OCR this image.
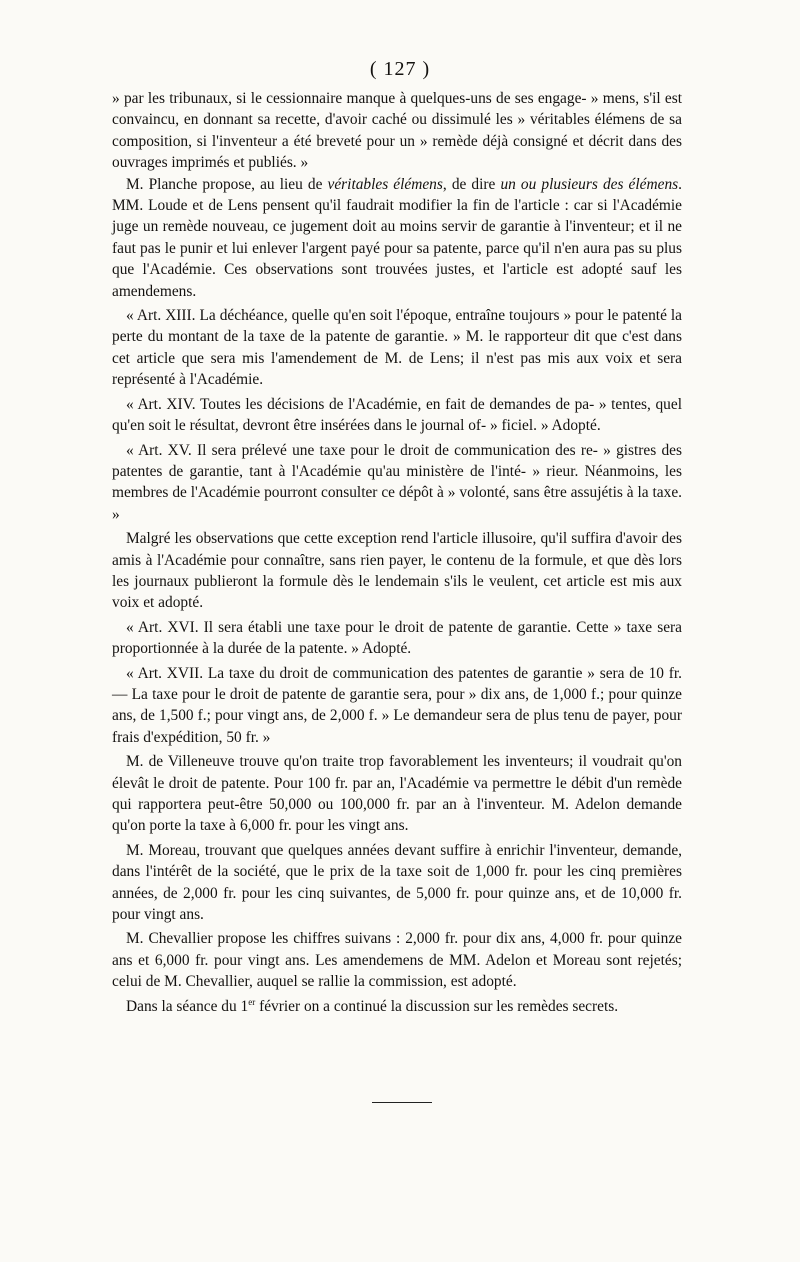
( 127 )

» par les tribunaux, si le cessionnaire manque à quelques-uns de ses engage- » mens, s'il est convaincu, en donnant sa recette, d'avoir caché ou dissimulé les » véritables élémens de sa composition, si l'inventeur a été breveté pour un » remède déjà consigné et décrit dans des ouvrages imprimés et publiés. »

M. Planche propose, au lieu de véritables élémens, de dire un ou plusieurs des élémens. MM. Loude et de Lens pensent qu'il faudrait modifier la fin de l'article : car si l'Académie juge un remède nouveau, ce jugement doit au moins servir de garantie à l'inventeur; et il ne faut pas le punir et lui enlever l'argent payé pour sa patente, parce qu'il n'en aura pas su plus que l'Académie. Ces observations sont trouvées justes, et l'article est adopté sauf les amendemens.

« Art. XIII. La déchéance, quelle qu'en soit l'époque, entraîne toujours » pour le patenté la perte du montant de la taxe de la patente de garantie. » M. le rapporteur dit que c'est dans cet article que sera mis l'amendement de M. de Lens; il n'est pas mis aux voix et sera représenté à l'Académie.

« Art. XIV. Toutes les décisions de l'Académie, en fait de demandes de pa- » tentes, quel qu'en soit le résultat, devront être insérées dans le journal of- » ficiel. » Adopté.

« Art. XV. Il sera prélevé une taxe pour le droit de communication des re- » gistres des patentes de garantie, tant à l'Académie qu'au ministère de l'inté- » rieur. Néanmoins, les membres de l'Académie pourront consulter ce dépôt à » volonté, sans être assujétis à la taxe. »

Malgré les observations que cette exception rend l'article illusoire, qu'il suffira d'avoir des amis à l'Académie pour connaître, sans rien payer, le contenu de la formule, et que dès lors les journaux publieront la formule dès le lendemain s'ils le veulent, cet article est mis aux voix et adopté.

« Art. XVI. Il sera établi une taxe pour le droit de patente de garantie. Cette » taxe sera proportionnée à la durée de la patente. » Adopté.

« Art. XVII. La taxe du droit de communication des patentes de garantie » sera de 10 fr. — La taxe pour le droit de patente de garantie sera, pour » dix ans, de 1,000 f.; pour quinze ans, de 1,500 f.; pour vingt ans, de 2,000 f. » Le demandeur sera de plus tenu de payer, pour frais d'expédition, 50 fr. »

M. de Villeneuve trouve qu'on traite trop favorablement les inventeurs; il voudrait qu'on élevât le droit de patente. Pour 100 fr. par an, l'Académie va permettre le débit d'un remède qui rapportera peut-être 50,000 ou 100,000 fr. par an à l'inventeur. M. Adelon demande qu'on porte la taxe à 6,000 fr. pour les vingt ans.

M. Moreau, trouvant que quelques années devant suffire à enrichir l'inventeur, demande, dans l'intérêt de la société, que le prix de la taxe soit de 1,000 fr. pour les cinq premières années, de 2,000 fr. pour les cinq suivantes, de 5,000 fr. pour quinze ans, et de 10,000 fr. pour vingt ans.

M. Chevallier propose les chiffres suivans : 2,000 fr. pour dix ans, 4,000 fr. pour quinze ans et 6,000 fr. pour vingt ans. Les amendemens de MM. Adelon et Moreau sont rejetés; celui de M. Chevallier, auquel se rallie la commission, est adopté.

Dans la séance du 1er février on a continué la discussion sur les remèdes secrets.
